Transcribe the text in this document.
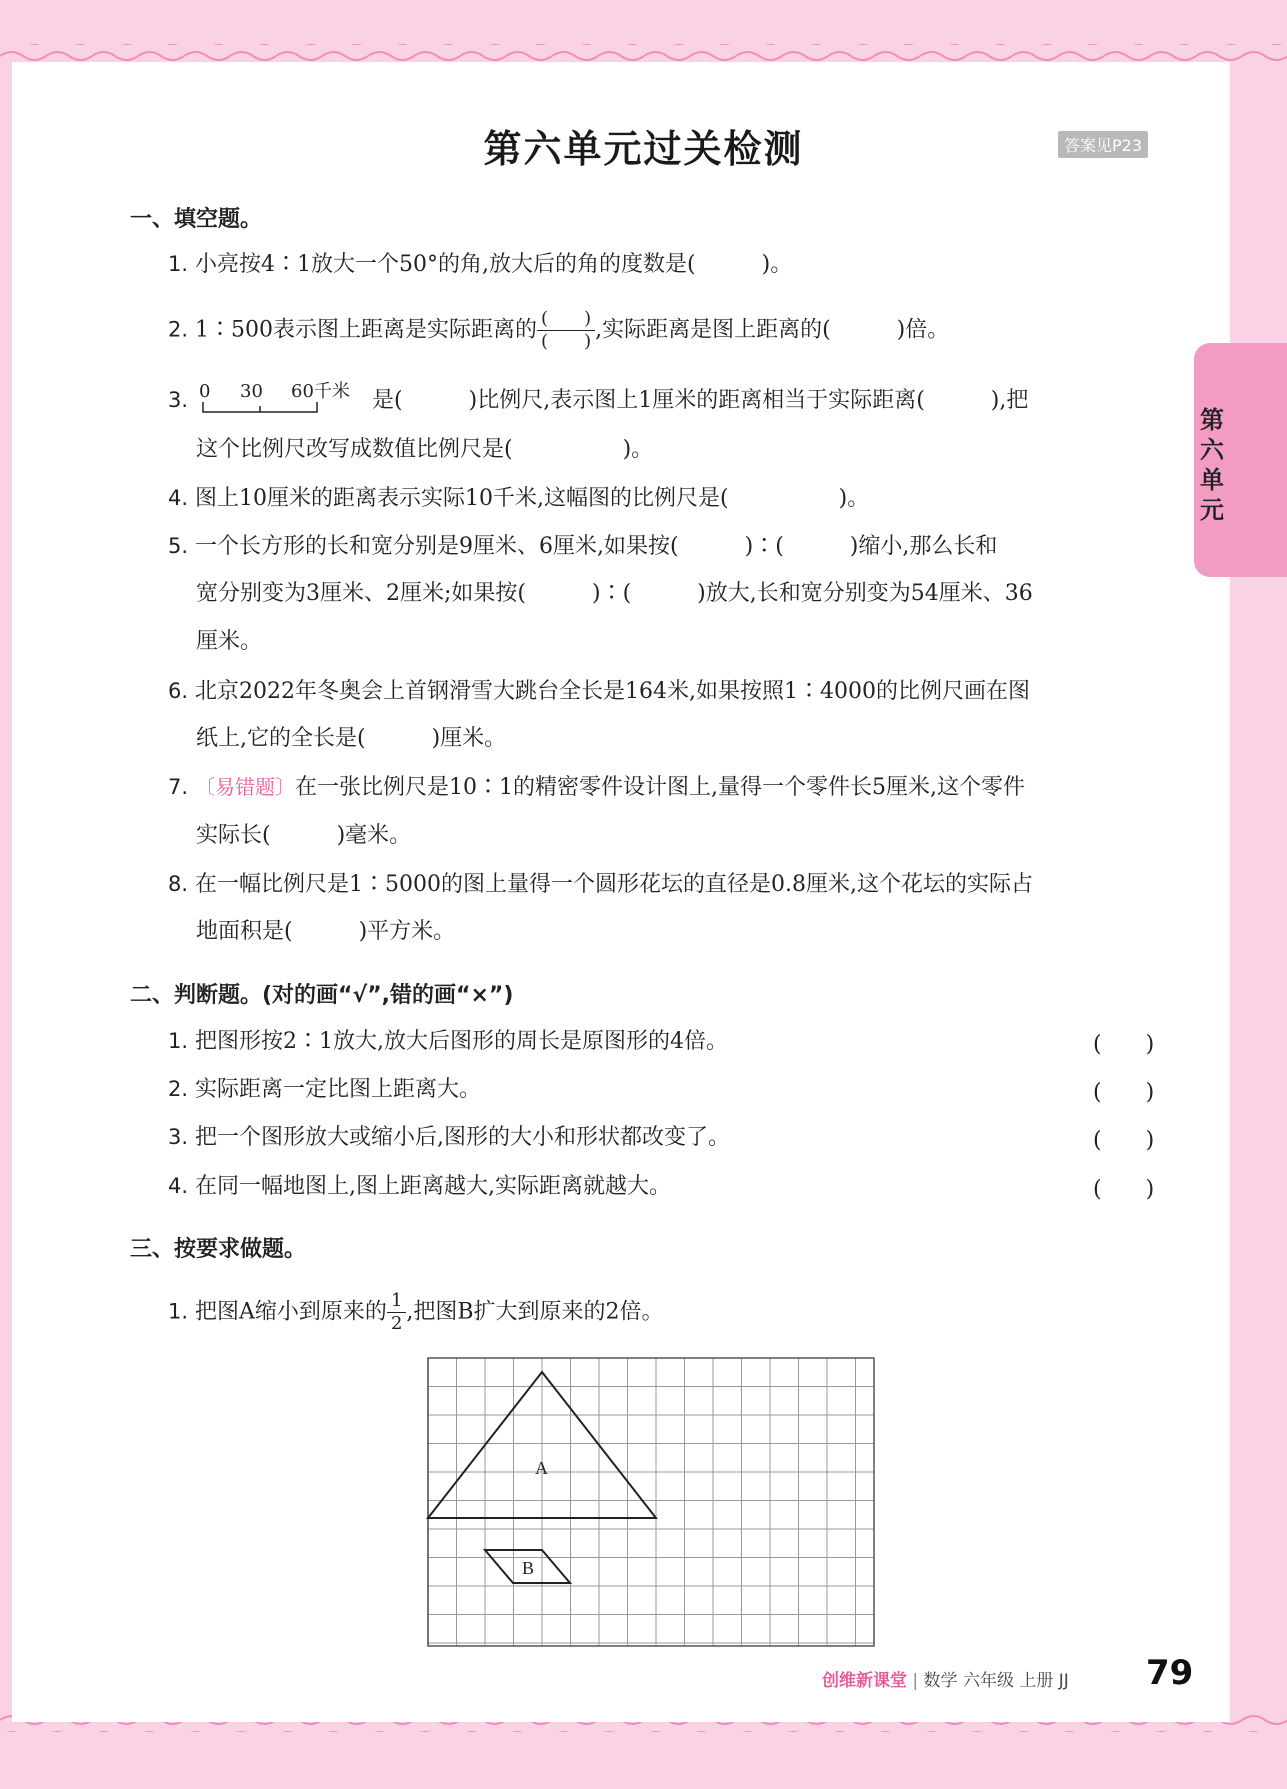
第六单元过关检测	答案见P23
第六单元
一、填空题。
1. 小亮按4∶1放大一个50°的角,放大后的角的度数是(　　　)。
2. 1∶500表示图上距离是实际距离的 $\frac{( )}{( )}$ ,实际距离是图上距离的(　　　)倍。
3. 0 30 60千米 是(　　　)比例尺,表示图上1厘米的距离相当于实际距离(　　　),把
这个比例尺改写成数值比例尺是(　　　　　)。
4. 图上10厘米的距离表示实际10千米,这幅图的比例尺是(　　　　　)。
5. 一个长方形的长和宽分别是9厘米、6厘米,如果按(　　　)∶(　　　)缩小,那么长和
宽分别变为3厘米、2厘米;如果按(　　　)∶(　　　)放大,长和宽分别变为54厘米、36
厘米。
6. 北京2022年冬奥会上首钢滑雪大跳台全长是164米,如果按照1∶4000的比例尺画在图
纸上,它的全长是(　　　)厘米。
7. 〔易错题〕在一张比例尺是10∶1的精密零件设计图上,量得一个零件长5厘米,这个零件
实际长(　　　)毫米。
8. 在一幅比例尺是1∶5000的图上量得一个圆形花坛的直径是0.8厘米,这个花坛的实际占
地面积是(　　　)平方米。
二、判断题。(对的画“√”,错的画“×”)
1. 把图形按2∶1放大,放大后图形的周长是原图形的4倍。	(　　)
2. 实际距离一定比图上距离大。	(　　)
3. 把一个图形放大或缩小后,图形的大小和形状都改变了。	(　　)
4. 在同一幅地图上,图上距离越大,实际距离就越大。	(　　)
三、按要求做题。
1. 把图A缩小到原来的 $\frac{1}{2}$ ,把图B扩大到原来的2倍。
A
B
创维新课堂 | 数学 六年级 上册 JJ 79
